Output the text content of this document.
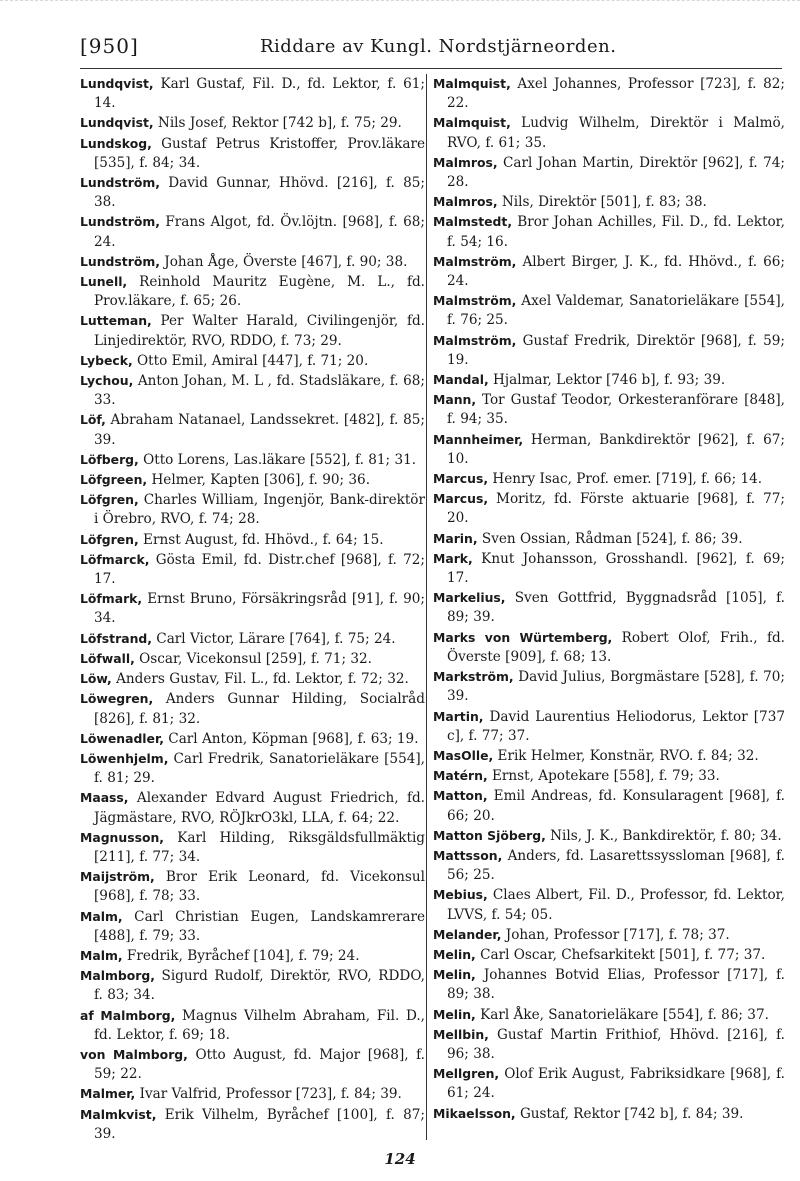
[950]	Riddare av Kungl. Nordstjärneorden.

Lundqvist, Karl Gustaf, Fil. D., fd. Lektor, f. 61; 14.

Lundqvist, Nils Josef, Rektor [742 b], f. 75; 29.

Lundskog, Gustaf Petrus Kristoffer, Prov.läkare [535], f. 84; 34.

Lundström, David Gunnar, Hhövd. [216], f. 85; 38.

Lundström, Frans Algot, fd. Öv.löjtn. [968], f. 68; 24.

Lundström, Johan Åge, Överste [467], f. 90; 38.

Lunell, Reinhold Mauritz Eugène, M. L., fd. Prov.läkare, f. 65; 26.

Lutteman, Per Walter Harald, Civilingenjör, fd. Linjedirektör, RVO, RDDO, f. 73; 29.

Lybeck, Otto Emil, Amiral [447], f. 71; 20.

Lychou, Anton Johan, M. L , fd. Stadsläkare, f. 68; 33.

Löf, Abraham Natanael, Landssekret. [482], f. 85; 39.

Löfberg, Otto Lorens, Las.läkare [552], f. 81; 31.

Löfgreen, Helmer, Kapten [306], f. 90; 36.

Löfgren, Charles William, Ingenjör, Bank-direktör i Örebro, RVO, f. 74; 28.

Löfgren, Ernst August, fd. Hhövd., f. 64; 15.

Löfmarck, Gösta Emil, fd. Distr.chef [968], f. 72; 17.

Löfmark, Ernst Bruno, Försäkringsråd [91], f. 90; 34.

Löfstrand, Carl Victor, Lärare [764], f. 75; 24.

Löfwall, Oscar, Vicekonsul [259], f. 71; 32.

Löw, Anders Gustav, Fil. L., fd. Lektor, f. 72; 32.

Löwegren, Anders Gunnar Hilding, Socialråd [826], f. 81; 32.

Löwenadler, Carl Anton, Köpman [968], f. 63; 19.

Löwenhjelm, Carl Fredrik, Sanatorieläkare [554], f. 81; 29.

Maass, Alexander Edvard August Friedrich, fd. Jägmästare, RVO, RÖJkrO3kl, LLA, f. 64; 22.

Magnusson, Karl Hilding, Riksgäldsfullmäktig [211], f. 77; 34.

Maijström, Bror Erik Leonard, fd. Vicekonsul [968], f. 78; 33.

Malm, Carl Christian Eugen, Landskamrerare [488], f. 79; 33.

Malm, Fredrik, Byråchef [104], f. 79; 24.

Malmborg, Sigurd Rudolf, Direktör, RVO, RDDO, f. 83; 34.

af Malmborg, Magnus Vilhelm Abraham, Fil. D., fd. Lektor, f. 69; 18.

von Malmborg, Otto August, fd. Major [968], f. 59; 22.

Malmer, Ivar Valfrid, Professor [723], f. 84; 39.

Malmkvist, Erik Vilhelm, Byråchef [100], f. 87; 39.

Malmquist, Axel Johannes, Professor [723], f. 82; 22.

Malmquist, Ludvig Wilhelm, Direktör i Malmö, RVO, f. 61; 35.

Malmros, Carl Johan Martin, Direktör [962], f. 74; 28.

Malmros, Nils, Direktör [501], f. 83; 38.

Malmstedt, Bror Johan Achilles, Fil. D., fd. Lektor, f. 54; 16.

Malmström, Albert Birger, J. K., fd. Hhövd., f. 66; 24.

Malmström, Axel Valdemar, Sanatorieläkare [554], f. 76; 25.

Malmström, Gustaf Fredrik, Direktör [968], f. 59; 19.

Mandal, Hjalmar, Lektor [746 b], f. 93; 39.

Mann, Tor Gustaf Teodor, Orkesteranförare [848], f. 94; 35.

Mannheimer, Herman, Bankdirektör [962], f. 67; 10.

Marcus, Henry Isac, Prof. emer. [719], f. 66; 14.

Marcus, Moritz, fd. Förste aktuarie [968], f. 77; 20.

Marin, Sven Ossian, Rådman [524], f. 86; 39.

Mark, Knut Johansson, Grosshandl. [962], f. 69; 17.

Markelius, Sven Gottfrid, Byggnadsråd [105], f. 89; 39.

Marks von Würtemberg, Robert Olof, Frih., fd. Överste [909], f. 68; 13.

Markström, David Julius, Borgmästare [528], f. 70; 39.

Martin, David Laurentius Heliodorus, Lektor [737 c], f. 77; 37.

MasOlle, Erik Helmer, Konstnär, RVO. f. 84; 32.

Matérn, Ernst, Apotekare [558], f. 79; 33.

Matton, Emil Andreas, fd. Konsularagent [968], f. 66; 20.

Matton Sjöberg, Nils, J. K., Bankdirektör, f. 80; 34.

Mattsson, Anders, fd. Lasarettssysslоman [968], f. 56; 25.

Mebius, Claes Albert, Fil. D., Professor, fd. Lektor, LVVS, f. 54; 05.

Melander, Johan, Professor [717], f. 78; 37.

Melin, Carl Oscar, Chefsarkitekt [501], f. 77; 37.

Melin, Johannes Botvid Elias, Professor [717], f. 89; 38.

Melin, Karl Åke, Sanatorieläkare [554], f. 86; 37.

Mellbin, Gustaf Martin Frithiof, Hhövd. [216], f. 96; 38.

Mellgren, Olof Erik August, Fabriksidkare [968], f. 61; 24.

Mikaelsson, Gustaf, Rektor [742 b], f. 84; 39.

124
